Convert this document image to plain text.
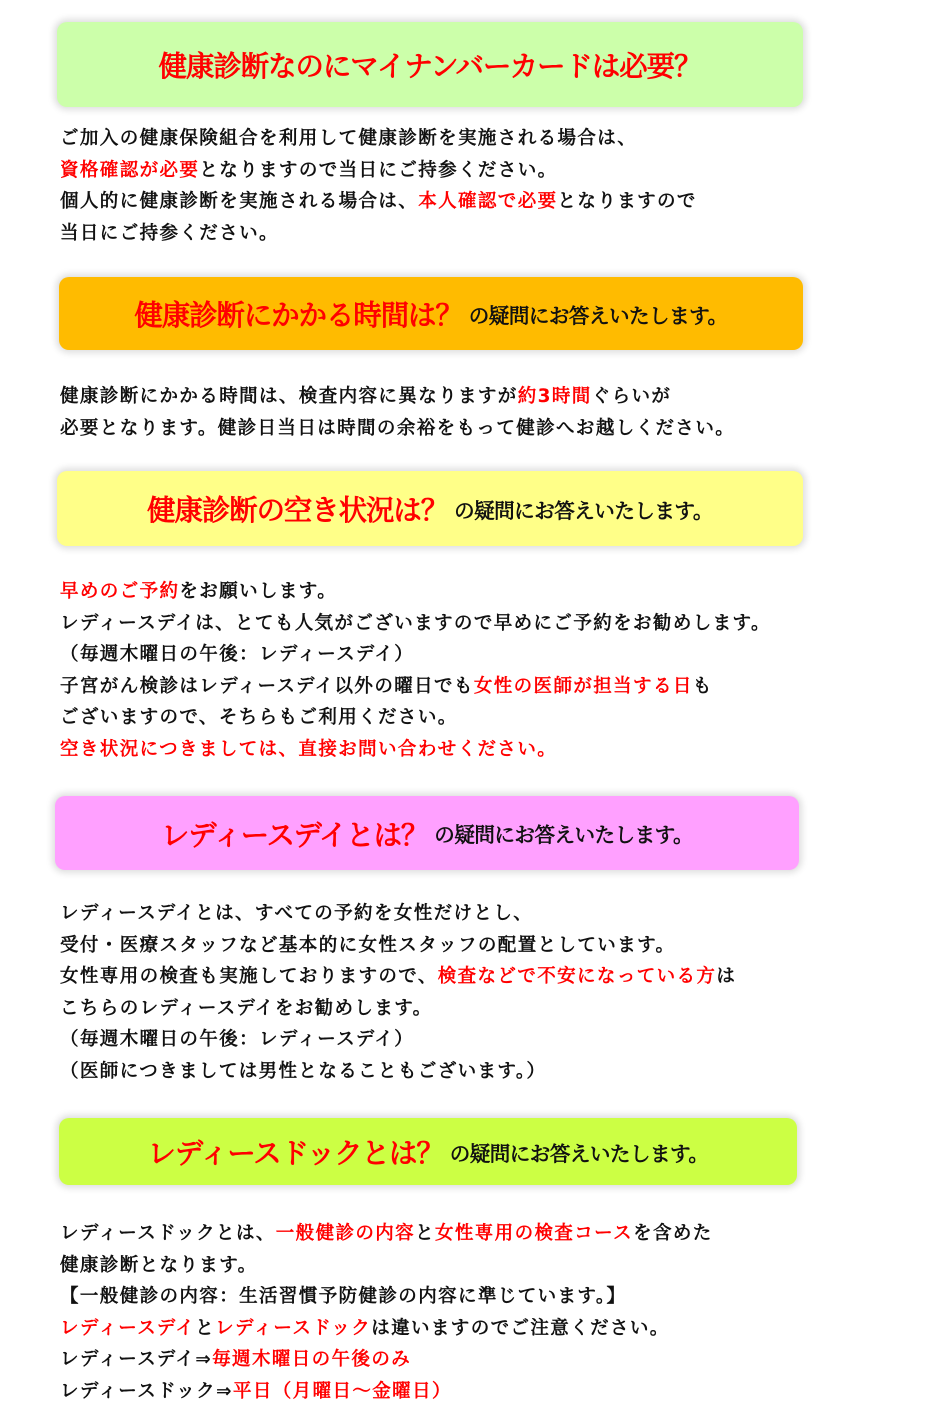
健康診断なのにマイナンバーカードは必要？
ご加入の健康保険組合を利用して健康診断を実施される場合は、
資格確認が必要となりますので当日にご持参ください。
個人的に健康診断を実施される場合は、本人確認で必要となりますので
当日にご持参ください。
健康診断にかかる時間は？ の疑問にお答えいたします。
健康診断にかかる時間は、検査内容に異なりますが約3時間ぐらいが
必要となります。健診日当日は時間の余裕をもって健診へお越しください。
健康診断の空き状況は？ の疑問にお答えいたします。
早めのご予約をお願いします。
レディースデイは、とても人気がございますので早めにご予約をお勧めします。
（毎週木曜日の午後：レディースデイ）
子宮がん検診はレディースデイ以外の曜日でも女性の医師が担当する日も
ございますので、そちらもご利用ください。
空き状況につきましては、直接お問い合わせください。
レディースデイとは？ の疑問にお答えいたします。
レディースデイとは、すべての予約を女性だけとし、
受付・医療スタッフなど基本的に女性スタッフの配置としています。
女性専用の検査も実施しておりますので、検査などで不安になっている方は
こちらのレディースデイをお勧めします。
（毎週木曜日の午後：レディースデイ）
（医師につきましては男性となることもございます。）
レディースドックとは？ の疑問にお答えいたします。
レディースドックとは、一般健診の内容と女性専用の検査コースを含めた
健康診断となります。
【一般健診の内容：生活習慣予防健診の内容に準じています。】
レディースデイとレディースドックは違いますのでご注意ください。
レディースデイ⇒毎週木曜日の午後のみ
レディースドック⇒平日（月曜日～金曜日）
